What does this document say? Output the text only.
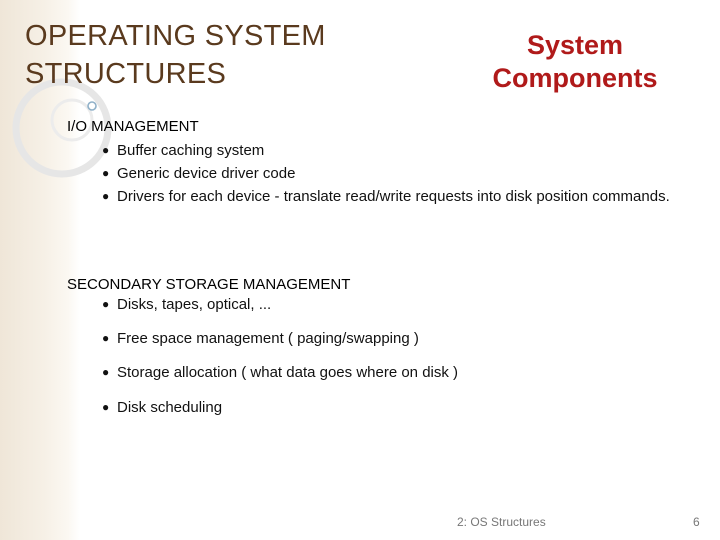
OPERATING SYSTEM
STRUCTURES
System
Components
I/O MANAGEMENT
● Buffer caching system
● Generic device driver code
● Drivers for each device - translate read/write requests into disk position commands.
SECONDARY STORAGE MANAGEMENT
● Disks, tapes, optical, ...
● Free space management ( paging/swapping )
● Storage allocation ( what data goes where on disk )
● Disk scheduling
2: OS Structures	6
